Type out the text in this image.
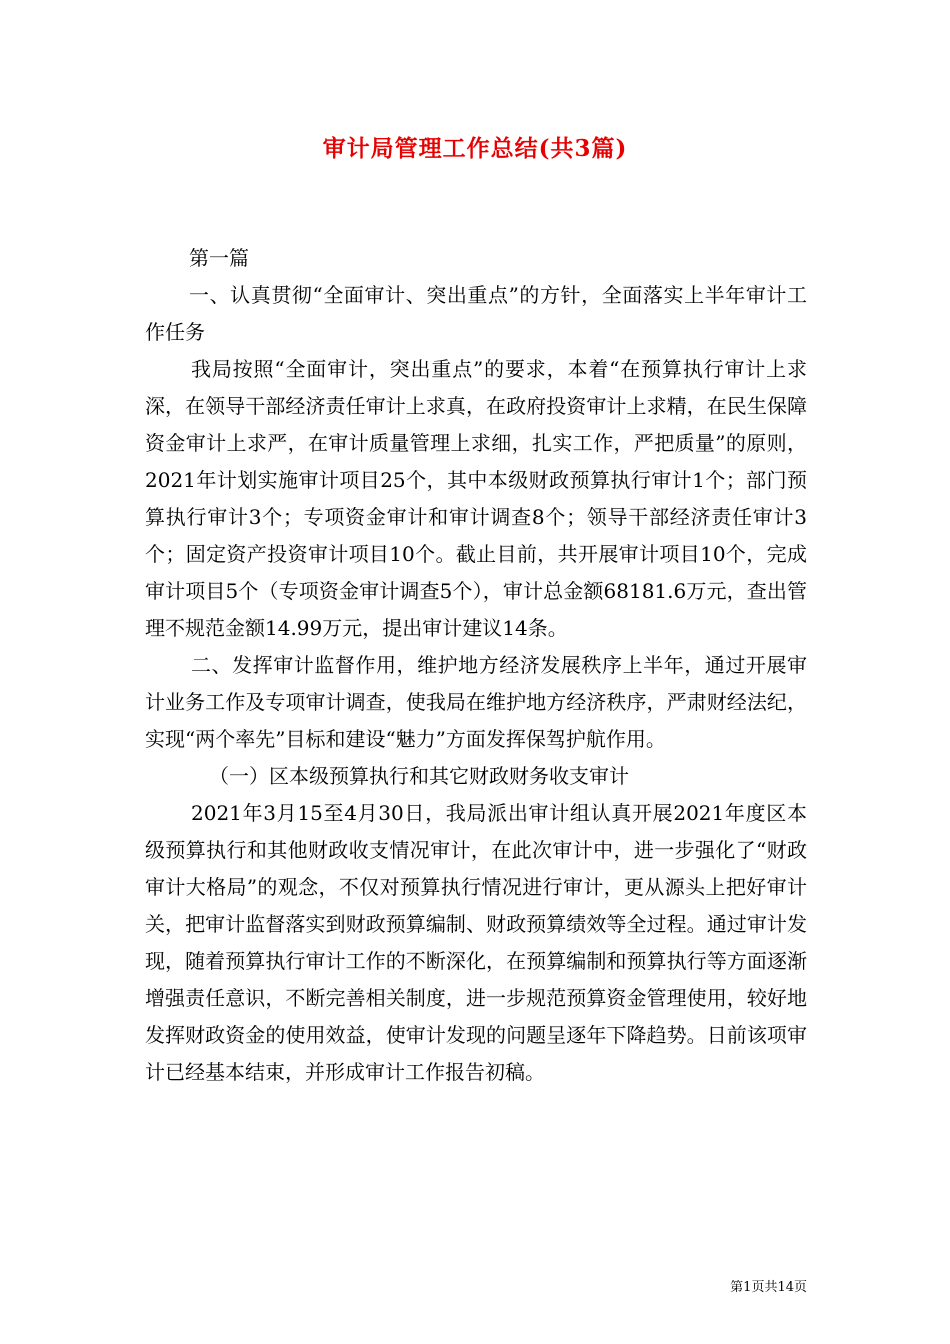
审计局管理工作总结(共3篇)

第一篇

一、认真贯彻“全面审计、突出重点”的方针，全面落实上半年审计工作任务

我局按照“全面审计，突出重点”的要求，本着“在预算执行审计上求深，在领导干部经济责任审计上求真，在政府投资审计上求精，在民生保障资金审计上求严，在审计质量管理上求细，扎实工作，严把质量”的原则，2021年计划实施审计项目25个，其中本级财政预算执行审计1个；部门预算执行审计3个；专项资金审计和审计调查8个；领导干部经济责任审计3个；固定资产投资审计项目10个。截止目前，共开展审计项目10个，完成审计项目5个（专项资金审计调查5个），审计总金额68181.6万元，查出管理不规范金额14.99万元，提出审计建议14条。

二、发挥审计监督作用，维护地方经济发展秩序上半年，通过开展审计业务工作及专项审计调查，使我局在维护地方经济秩序，严肃财经法纪，实现“两个率先”目标和建设“魅力”方面发挥保驾护航作用。

（一）区本级预算执行和其它财政财务收支审计

2021年3月15至4月30日，我局派出审计组认真开展2021年度区本级预算执行和其他财政收支情况审计，在此次审计中，进一步强化了“财政审计大格局”的观念，不仅对预算执行情况进行审计，更从源头上把好审计关，把审计监督落实到财政预算编制、财政预算绩效等全过程。通过审计发现，随着预算执行审计工作的不断深化，在预算编制和预算执行等方面逐渐增强责任意识，不断完善相关制度，进一步规范预算资金管理使用，较好地发挥财政资金的使用效益，使审计发现的问题呈逐年下降趋势。日前该项审计已经基本结束，并形成审计工作报告初稿。

第1页共14页
